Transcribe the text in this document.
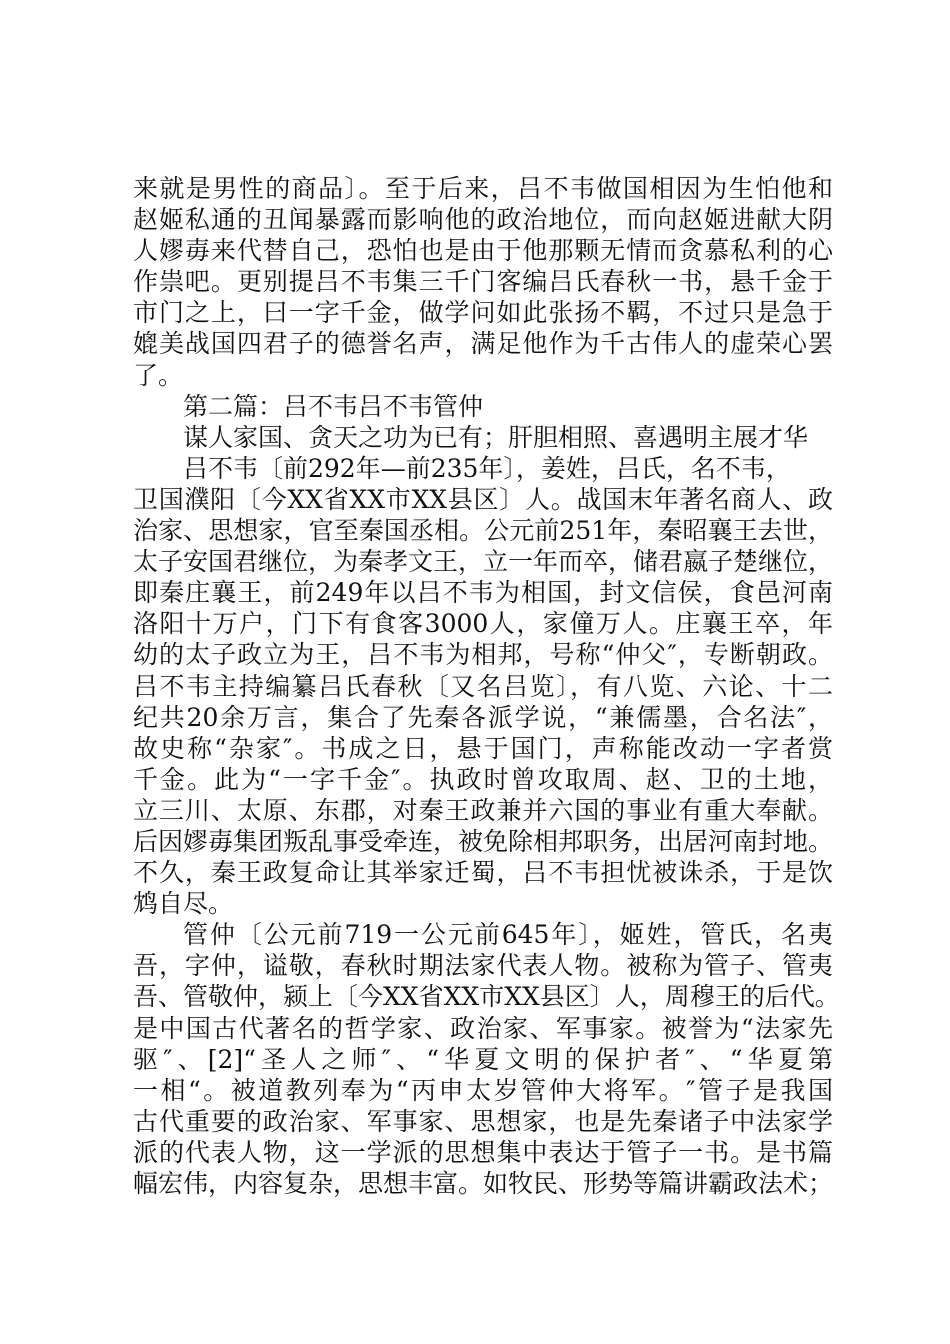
来就是男性的商品〕。至于后来，吕不韦做国相因为生怕他和
赵姬私通的丑闻暴露而影响他的政治地位，而向赵姬进献大阴
人嫪毐来代替自己，恐怕也是由于他那颗无情而贪慕私利的心
作祟吧。更别提吕不韦集三千门客编吕氏春秋一书，悬千金于
市门之上，曰一字千金，做学问如此张扬不羁，不过只是急于
媲美战国四君子的德誉名声，满足他作为千古伟人的虚荣心罢
了。
第二篇：吕不韦吕不韦管仲
谋人家国、贪天之功为已有；肝胆相照、喜遇明主展才华
吕不韦〔前292年—前235年〕，姜姓，吕氏，名不韦，
卫国濮阳〔今XX省XX市XX县区〕人。战国末年著名商人、政
治家、思想家，官至秦国丞相。公元前251年，秦昭襄王去世，
太子安国君继位，为秦孝文王，立一年而卒，储君嬴子楚继位，
即秦庄襄王，前249年以吕不韦为相国，封文信侯，食邑河南
洛阳十万户，门下有食客3000人，家僮万人。庄襄王卒，年
幼的太子政立为王，吕不韦为相邦，号称“仲父″，专断朝政。
吕不韦主持编纂吕氏春秋〔又名吕览〕，有八览、六论、十二
纪共20余万言，集合了先秦各派学说，“兼儒墨，合名法″，
故史称“杂家″。书成之日，悬于国门，声称能改动一字者赏
千金。此为“一字千金″。执政时曾攻取周、赵、卫的土地，
立三川、太原、东郡，对秦王政兼并六国的事业有重大奉献。
后因嫪毐集团叛乱事受牵连，被免除相邦职务，出居河南封地。
不久，秦王政复命让其举家迁蜀，吕不韦担忧被诛杀，于是饮
鸩自尽。
管仲〔公元前719一公元前645年〕，姬姓，管氏，名夷
吾，字仲，谥敬，春秋时期法家代表人物。被称为管子、管夷
吾、管敬仲，颍上〔今XX省XX市XX县区〕人，周穆王的后代。
是中国古代著名的哲学家、政治家、军事家。被誉为“法家先
驱″、[2]“圣人之师″、“华夏文明的保护者″、“华夏第
一相“。被道教列奉为“丙申太岁管仲大将军。″管子是我国
古代重要的政治家、军事家、思想家，也是先秦诸子中法家学
派的代表人物，这一学派的思想集中表达于管子一书。是书篇
幅宏伟，内容复杂，思想丰富。如牧民、形势等篇讲霸政法术；
